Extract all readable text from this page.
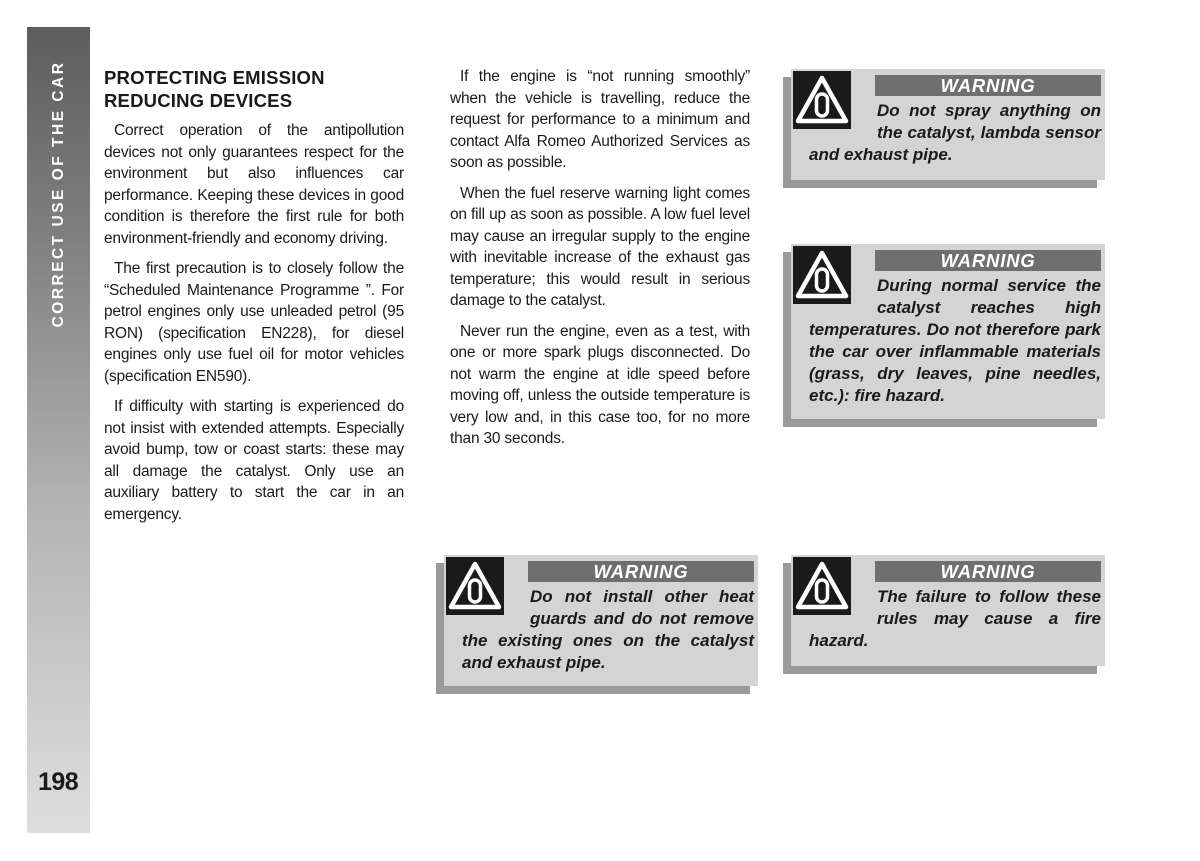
CORRECT USE OF THE CAR
198
PROTECTING EMISSION
REDUCING DEVICES

Correct operation of the antipollution devices not only guarantees respect for the environment but also influences car performance. Keeping these devices in good condition is therefore the first rule for both environment-friendly and economy driving.

The first precaution is to closely follow the “Scheduled Maintenance Programme ”. For petrol engines only use unleaded petrol (95 RON) (specification EN228), for diesel engines only use fuel oil for motor vehicles (specification EN590).

If difficulty with starting is experienced do not insist with extended attempts. Especially avoid bump, tow or coast starts: these may all damage the catalyst. Only use an auxiliary battery to start the car in an emergency.

If the engine is “not running smoothly” when the vehicle is travelling, reduce the request for performance to a minimum and contact Alfa Romeo Authorized Services as soon as possible.

When the fuel reserve warning light comes on fill up as soon as possible. A low fuel level may cause an irregular supply to the engine with inevitable increase of the exhaust gas temperature; this would result in serious damage to the catalyst.

Never run the engine, even as a test, with one or more spark plugs disconnected. Do not warm the engine at idle speed before moving off, unless the outside temperature is very low and, in this case too, for no more than 30 seconds.

WARNING
Do not spray anything on the catalyst, lambda sensor and exhaust pipe.
WARNING
During normal service the catalyst reaches high temperatures. Do not therefore park the car over inflammable materials (grass, dry leaves, pine needles, etc.): fire hazard.
WARNING
Do not install other heat guards and do not remove the existing ones on the catalyst and exhaust pipe.
WARNING
The failure to follow these rules may cause a fire hazard.
